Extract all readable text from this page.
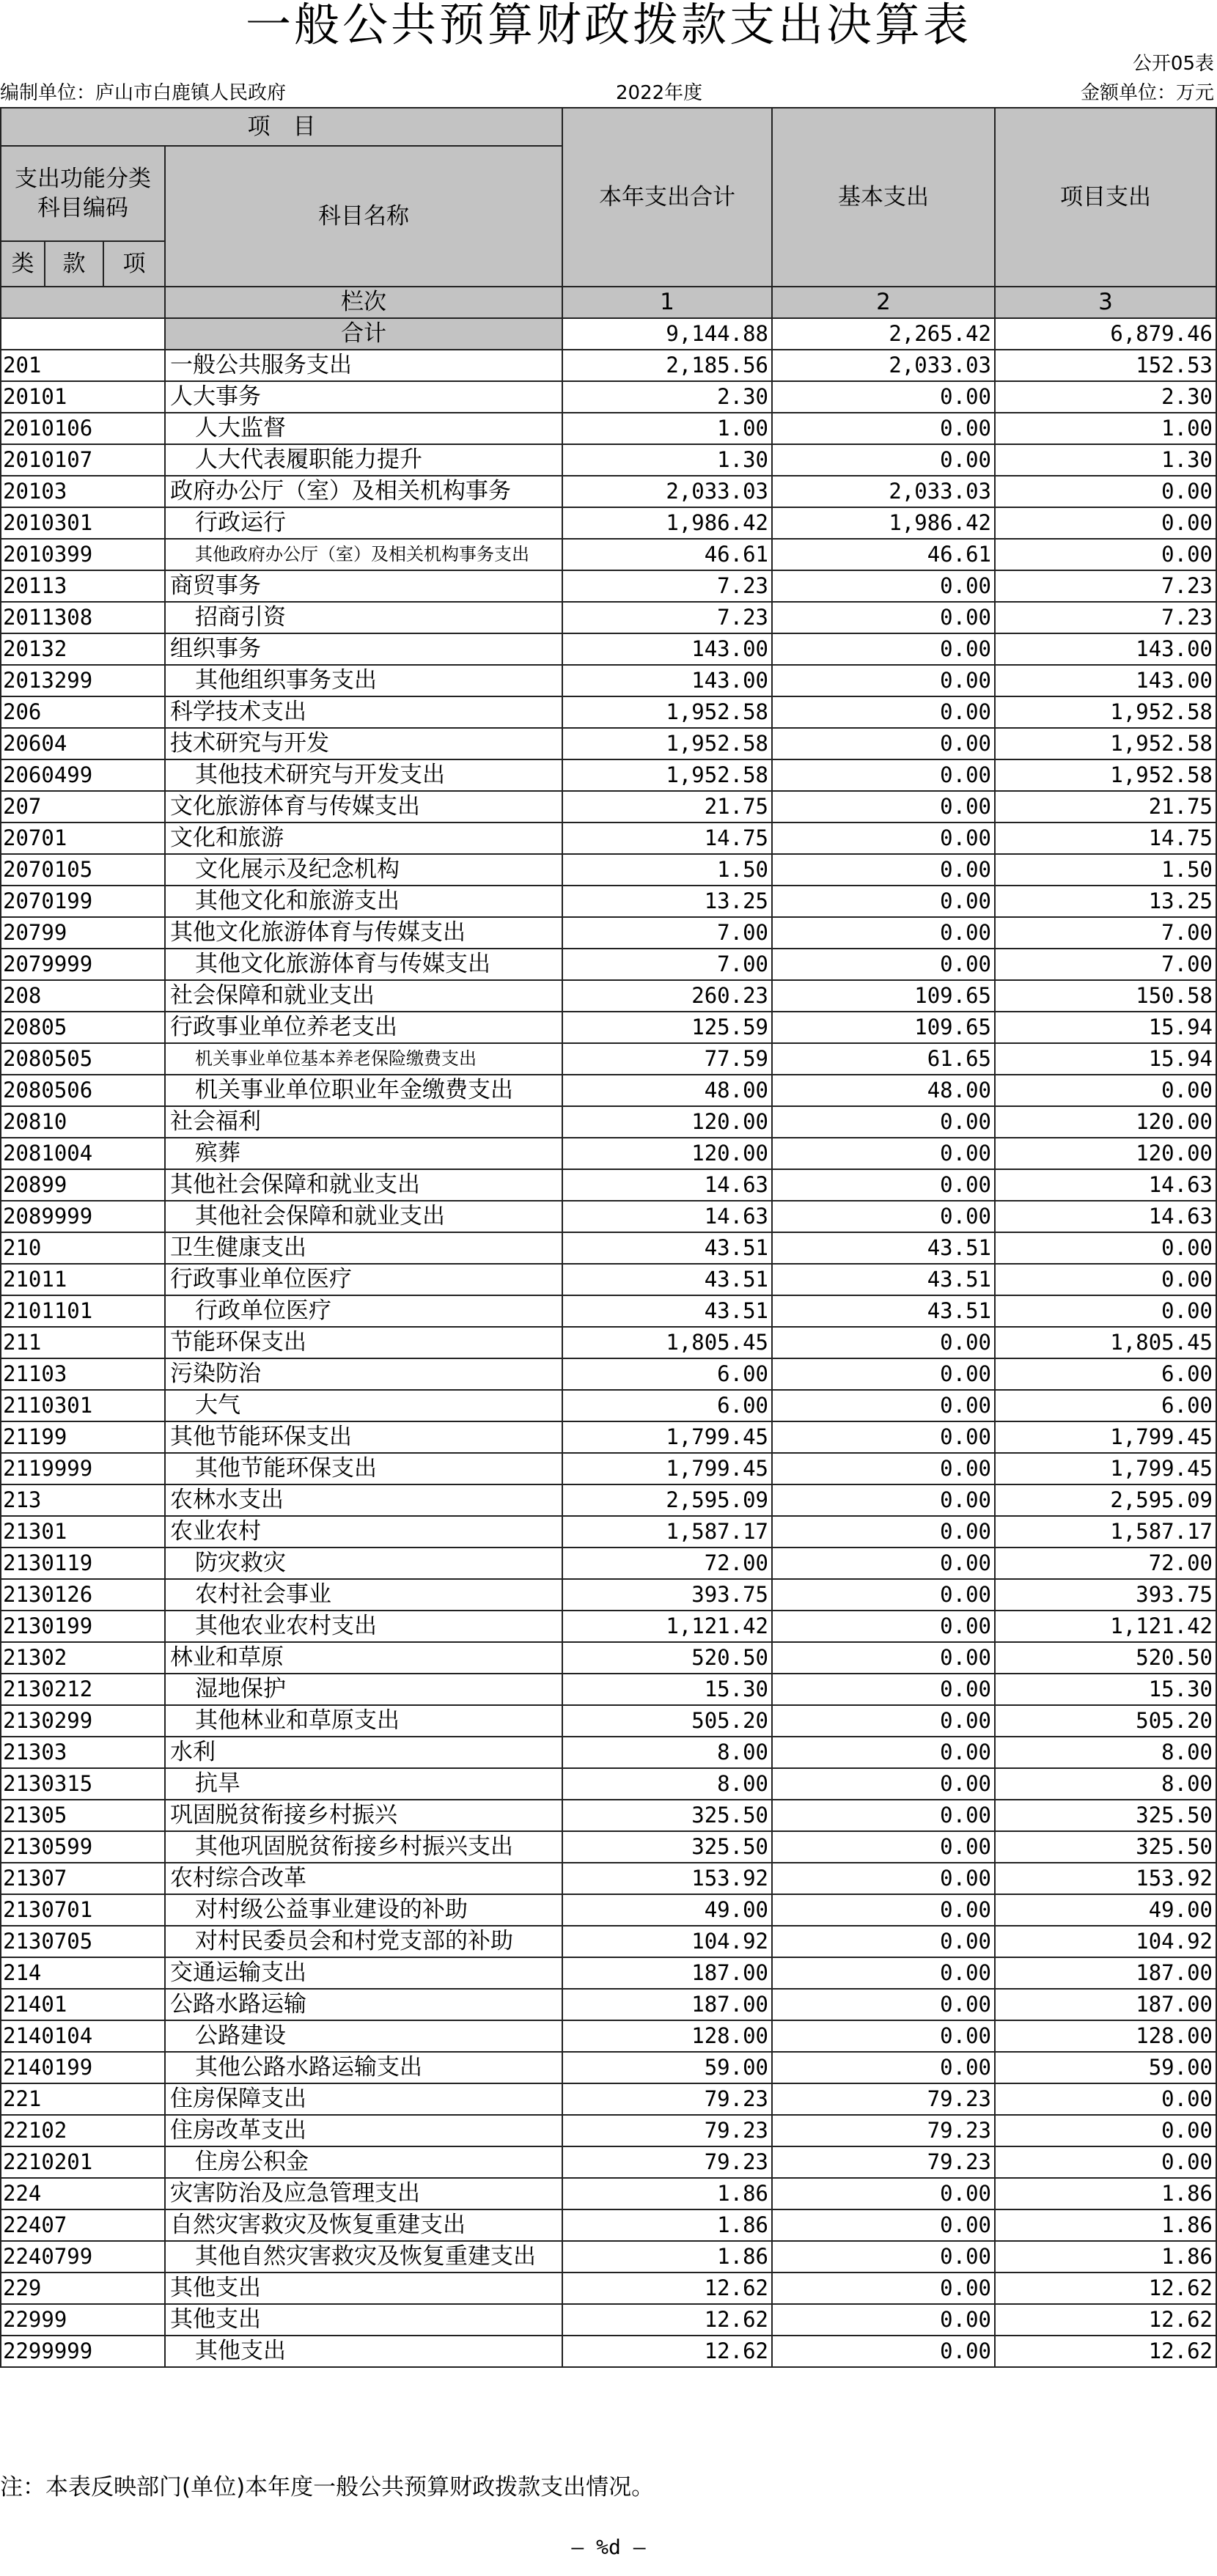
一般公共预算财政拨款支出决算表
公开05表
编制单位：庐山市白鹿镇人民政府	2022年度	金额单位：万元
项　目				本年支出合计	基本支出	项目支出
支出功能分类科目编码			科目名称			
类	款	项				
			栏次	1	2	3
			合计	9,144.88	2,265.42	6,879.46
201			一般公共服务支出	2,185.56	2,033.03	152.53
20101			人大事务	2.30	0.00	2.30
2010106			人大监督	1.00	0.00	1.00
2010107			人大代表履职能力提升	1.30	0.00	1.30
20103			政府办公厅（室）及相关机构事务	2,033.03	2,033.03	0.00
2010301			行政运行	1,986.42	1,986.42	0.00
2010399			其他政府办公厅（室）及相关机构事务支出	46.61	46.61	0.00
20113			商贸事务	7.23	0.00	7.23
2011308			招商引资	7.23	0.00	7.23
20132			组织事务	143.00	0.00	143.00
2013299			其他组织事务支出	143.00	0.00	143.00
206			科学技术支出	1,952.58	0.00	1,952.58
20604			技术研究与开发	1,952.58	0.00	1,952.58
2060499			其他技术研究与开发支出	1,952.58	0.00	1,952.58
207			文化旅游体育与传媒支出	21.75	0.00	21.75
20701			文化和旅游	14.75	0.00	14.75
2070105			文化展示及纪念机构	1.50	0.00	1.50
2070199			其他文化和旅游支出	13.25	0.00	13.25
20799			其他文化旅游体育与传媒支出	7.00	0.00	7.00
2079999			其他文化旅游体育与传媒支出	7.00	0.00	7.00
208			社会保障和就业支出	260.23	109.65	150.58
20805			行政事业单位养老支出	125.59	109.65	15.94
2080505			机关事业单位基本养老保险缴费支出	77.59	61.65	15.94
2080506			机关事业单位职业年金缴费支出	48.00	48.00	0.00
20810			社会福利	120.00	0.00	120.00
2081004			殡葬	120.00	0.00	120.00
20899			其他社会保障和就业支出	14.63	0.00	14.63
2089999			其他社会保障和就业支出	14.63	0.00	14.63
210			卫生健康支出	43.51	43.51	0.00
21011			行政事业单位医疗	43.51	43.51	0.00
2101101			行政单位医疗	43.51	43.51	0.00
211			节能环保支出	1,805.45	0.00	1,805.45
21103			污染防治	6.00	0.00	6.00
2110301			大气	6.00	0.00	6.00
21199			其他节能环保支出	1,799.45	0.00	1,799.45
2119999			其他节能环保支出	1,799.45	0.00	1,799.45
213			农林水支出	2,595.09	0.00	2,595.09
21301			农业农村	1,587.17	0.00	1,587.17
2130119			防灾救灾	72.00	0.00	72.00
2130126			农村社会事业	393.75	0.00	393.75
2130199			其他农业农村支出	1,121.42	0.00	1,121.42
21302			林业和草原	520.50	0.00	520.50
2130212			湿地保护	15.30	0.00	15.30
2130299			其他林业和草原支出	505.20	0.00	505.20
21303			水利	8.00	0.00	8.00
2130315			抗旱	8.00	0.00	8.00
21305			巩固脱贫衔接乡村振兴	325.50	0.00	325.50
2130599			其他巩固脱贫衔接乡村振兴支出	325.50	0.00	325.50
21307			农村综合改革	153.92	0.00	153.92
2130701			对村级公益事业建设的补助	49.00	0.00	49.00
2130705			对村民委员会和村党支部的补助	104.92	0.00	104.92
214			交通运输支出	187.00	0.00	187.00
21401			公路水路运输	187.00	0.00	187.00
2140104			公路建设	128.00	0.00	128.00
2140199			其他公路水路运输支出	59.00	0.00	59.00
221			住房保障支出	79.23	79.23	0.00
22102			住房改革支出	79.23	79.23	0.00
2210201			住房公积金	79.23	79.23	0.00
224			灾害防治及应急管理支出	1.86	0.00	1.86
22407			自然灾害救灾及恢复重建支出	1.86	0.00	1.86
2240799			其他自然灾害救灾及恢复重建支出	1.86	0.00	1.86
229			其他支出	12.62	0.00	12.62
22999			其他支出	12.62	0.00	12.62
2299999			其他支出	12.62	0.00	12.62
注：本表反映部门(单位)本年度一般公共预算财政拨款支出情况。
— %d —
